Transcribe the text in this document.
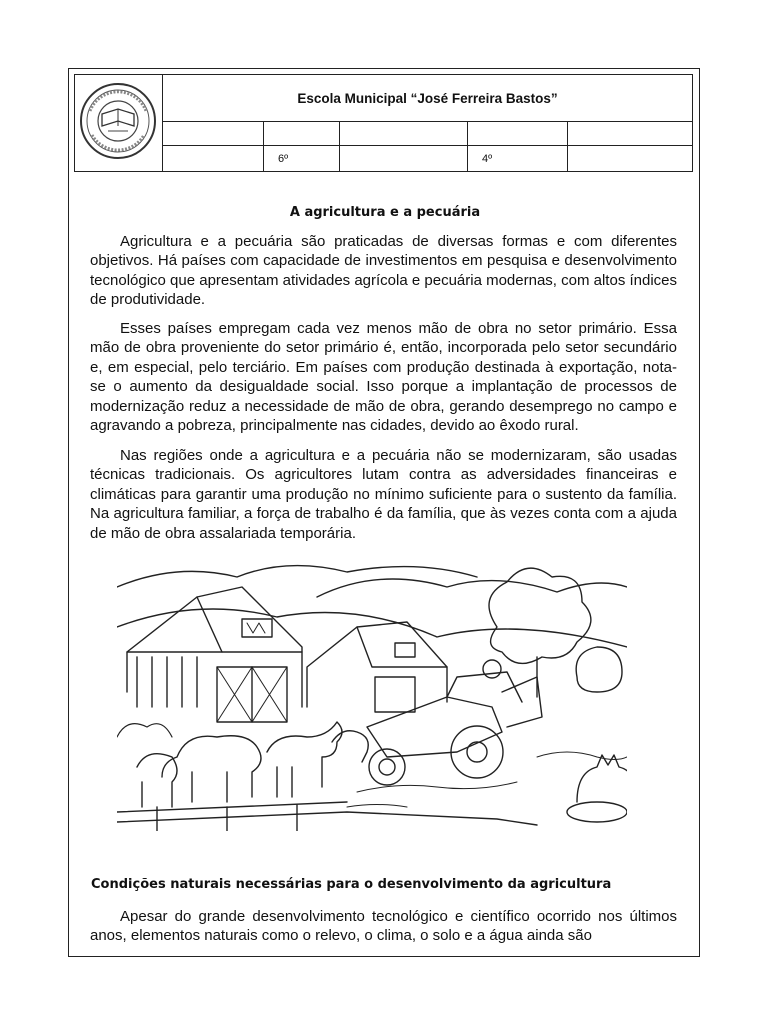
Escola Municipal “José Ferreira Bastos”
6º	4º
A agricultura e a pecuária

Agricultura e a pecuária são praticadas de diversas formas e com diferentes objetivos. Há países com capacidade de investimentos em pesquisa e desenvolvimento tecnológico que apresentam atividades agrícola e pecuária modernas, com altos índices de produtividade.

Esses países empregam cada vez menos mão de obra no setor primário. Essa mão de obra proveniente do setor primário é, então, incorporada pelo setor secundário e, em especial, pelo terciário. Em países com produção destinada à exportação, nota-se o aumento da desigualdade social. Isso porque a implantação de processos de modernização reduz a necessidade de mão de obra, gerando desemprego no campo e agravando a pobreza, principalmente nas cidades, devido ao êxodo rural.

Nas regiões onde a agricultura e a pecuária não se modernizaram, são usadas técnicas tradicionais. Os agricultores lutam contra as adversidades financeiras e climáticas para garantir uma produção no mínimo suficiente para o sustento da família. Na agricultura familiar, a força de trabalho é da família, que às vezes conta com a ajuda de mão de obra assalariada temporária.

Condições naturais necessárias para o desenvolvimento da agricultura

Apesar do grande desenvolvimento tecnológico e científico ocorrido nos últimos anos, elementos naturais como o relevo, o clima, o solo e a água ainda são
